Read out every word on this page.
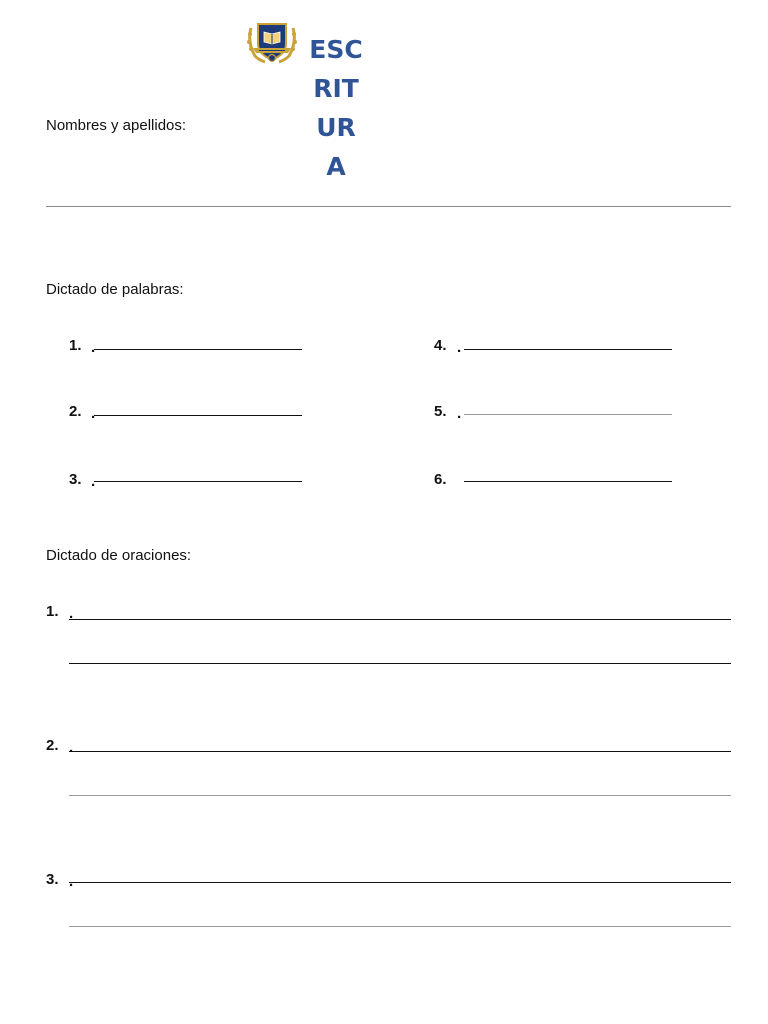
ESC
RIT
UR
A
Nombres y apellidos:
Dictado de palabras:
1. .
2. .
3. .
4. .
5. .
6.
Dictado de oraciones:
1. .
2. .
3. .
